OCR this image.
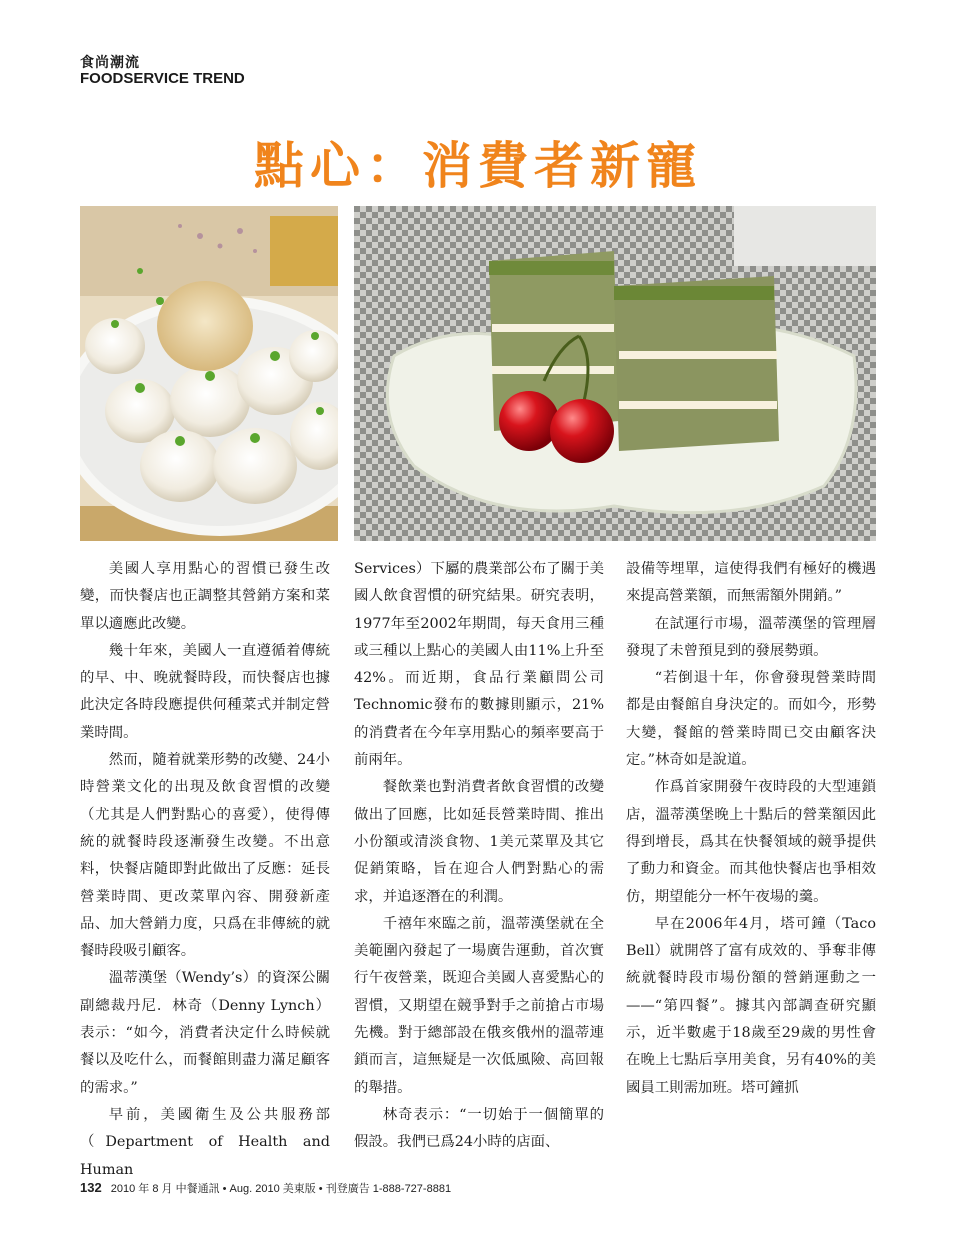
食尚潮流
FOODSERVICE TREND
點心：消費者新寵

美國人享用點心的習慣已發生改變，而快餐店也正調整其營銷方案和菜單以適應此改變。

幾十年來，美國人一直遵循着傳統的早、中、晚就餐時段，而快餐店也據此決定各時段應提供何種菜式并制定營業時間。

然而，隨着就業形勢的改變、24小時營業文化的出現及飲食習慣的改變（尤其是人們對點心的喜愛），使得傳統的就餐時段逐漸發生改變。不出意料，快餐店隨即對此做出了反應：延長營業時間、更改菜單內容、開發新產品、加大營銷力度，只爲在非傳統的就餐時段吸引顧客。

溫蒂漢堡（Wendy’s）的資深公關副總裁丹尼．林奇（Denny Lynch）表示：“如今，消費者決定什么時候就餐以及吃什么，而餐館則盡力滿足顧客的需求。”

早前，美國衛生及公共服務部（Department of Health and Human

Services）下屬的農業部公布了關于美國人飲食習慣的研究結果。研究表明，1977年至2002年期間，每天食用三種或三種以上點心的美國人由11%上升至42%。而近期，食品行業顧問公司Technomic發布的數據則顯示，21%的消費者在今年享用點心的頻率要高于前兩年。

餐飲業也對消費者飲食習慣的改變做出了回應，比如延長營業時間、推出小份額或清淡食物、1美元菜單及其它促銷策略，旨在迎合人們對點心的需求，并追逐潛在的利潤。

千禧年來臨之前，溫蒂漢堡就在全美範圍內發起了一場廣告運動，首次實行午夜營業，既迎合美國人喜愛點心的習慣，又期望在競爭對手之前搶占市場先機。對于總部設在俄亥俄州的溫蒂連鎖而言，這無疑是一次低風險、高回報的舉措。

林奇表示：“一切始于一個簡單的假設。我們已爲24小時的店面、

設備等埋單，這使得我們有極好的機遇來提高營業額，而無需額外開銷。”

在試運行市場，溫蒂漢堡的管理層發現了未曾預見到的發展勢頭。

“若倒退十年，你會發現營業時間都是由餐館自身決定的。而如今，形勢大變，餐館的營業時間已交由顧客決定。”林奇如是說道。

作爲首家開發午夜時段的大型連鎖店，溫蒂漢堡晚上十點后的營業額因此得到增長，爲其在快餐領域的競爭提供了動力和資金。而其他快餐店也爭相效仿，期望能分一杯午夜場的羹。

早在2006年4月，塔可鐘（Taco Bell）就開啓了富有成效的、爭奪非傳統就餐時段市場份額的營銷運動之一——“第四餐”。據其內部調查研究顯示，近半數處于18歲至29歲的男性會在晚上七點后享用美食，另有40%的美國員工則需加班。塔可鐘抓

132 2010 年 8 月 中餐通訊 • Aug. 2010 美東版 • 刊登廣告 1-888-727-8881
